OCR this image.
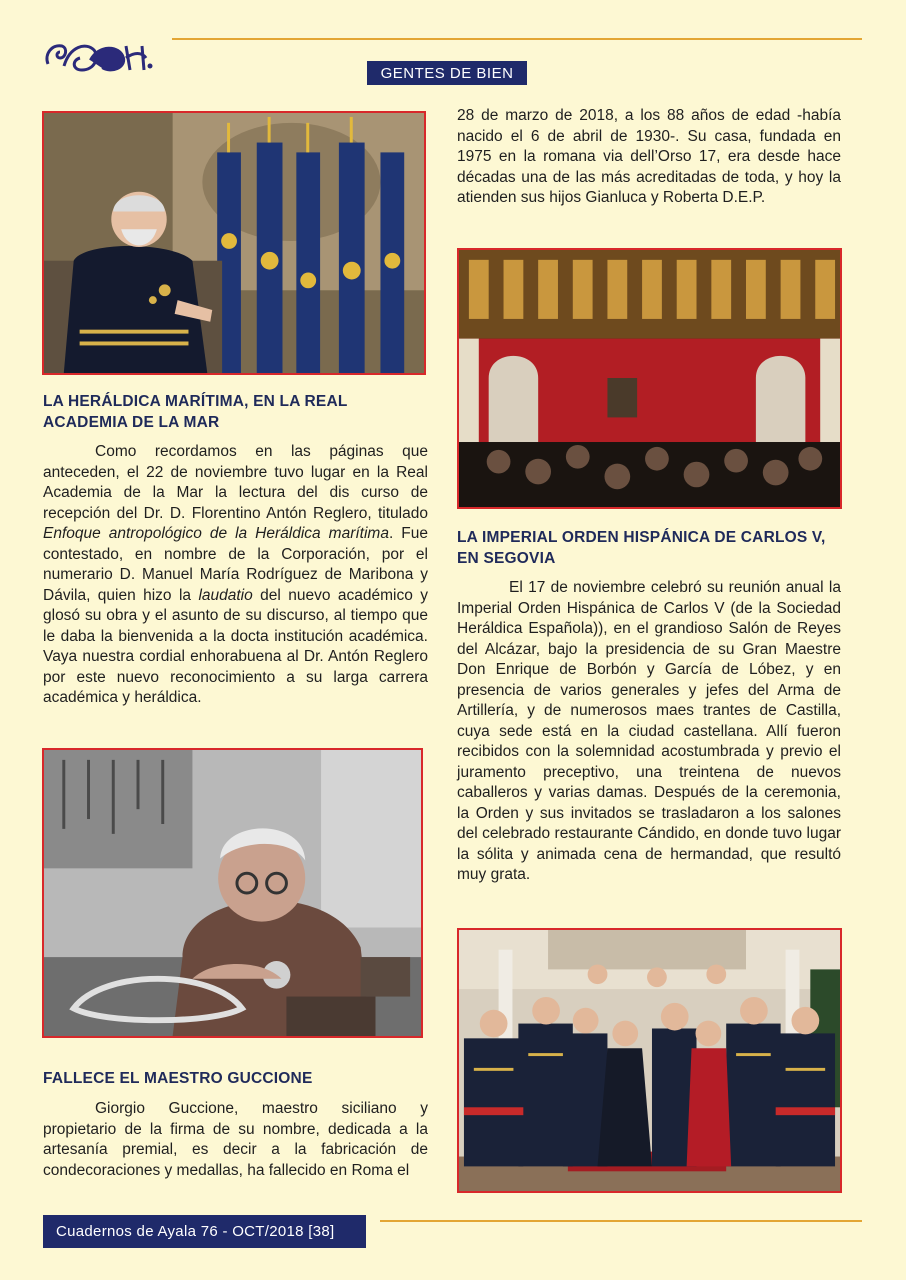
GENTES DE BIEN
LA HERÁLDICA MARÍTIMA, EN LA REAL ACADEMIA DE LA MAR
Como recordamos en las páginas que anteceden, el 22 de noviembre tuvo lugar en la Real Academia de la Mar la lectura del dis curso de recepción del Dr. D. Florentino Antón Reglero, titulado Enfoque antropológico de la Heráldica marítima. Fue contestado, en nombre de la Corporación, por el numerario D. Manuel María Rodríguez de Maribona y Dávila, quien hizo la laudatio del nuevo académico y glosó su obra y el asunto de su discurso, al tiempo que le daba la bienvenida a la docta institución académica. Vaya nuestra cordial enhorabuena al Dr. Antón Reglero por este nuevo reconocimiento a su larga carrera académica y heráldica.
FALLECE EL MAESTRO GUCCIONE
Giorgio Guccione, maestro siciliano y propietario de la firma de su nombre, dedicada a la artesanía premial, es decir a la fabricación de condecoraciones y medallas, ha fallecido en Roma el
28 de marzo de 2018, a los 88 años de edad -había nacido el 6 de abril de 1930-. Su casa, fundada en 1975 en la romana via dell’Orso 17, era desde hace décadas una de las más acreditadas de toda, y hoy la atienden sus hijos Gianluca y Roberta D.E.P.
LA IMPERIAL ORDEN HISPÁNICA DE CARLOS V, EN SEGOVIA
El 17 de noviembre celebró su reunión anual la Imperial Orden Hispánica de Carlos V (de la Sociedad Heráldica Española)), en el grandioso Salón de Reyes del Alcázar, bajo la presidencia de su Gran Maestre Don Enrique de Borbón y García de Lóbez, y en presencia de varios generales y jefes del Arma de Artillería, y de numerosos maes trantes de Castilla, cuya sede está en la ciudad castellana. Allí fueron recibidos con la solemnidad acostumbrada y previo el juramento preceptivo, una treintena de nuevos caballeros y varias damas. Después de la ceremonia, la Orden y sus invitados se trasladaron a los salones del celebrado restaurante Cándido, en donde tuvo lugar la sólita y animada cena de hermandad, que resultó muy grata.
Cuadernos de Ayala 76 - OCT/2018 [38]
